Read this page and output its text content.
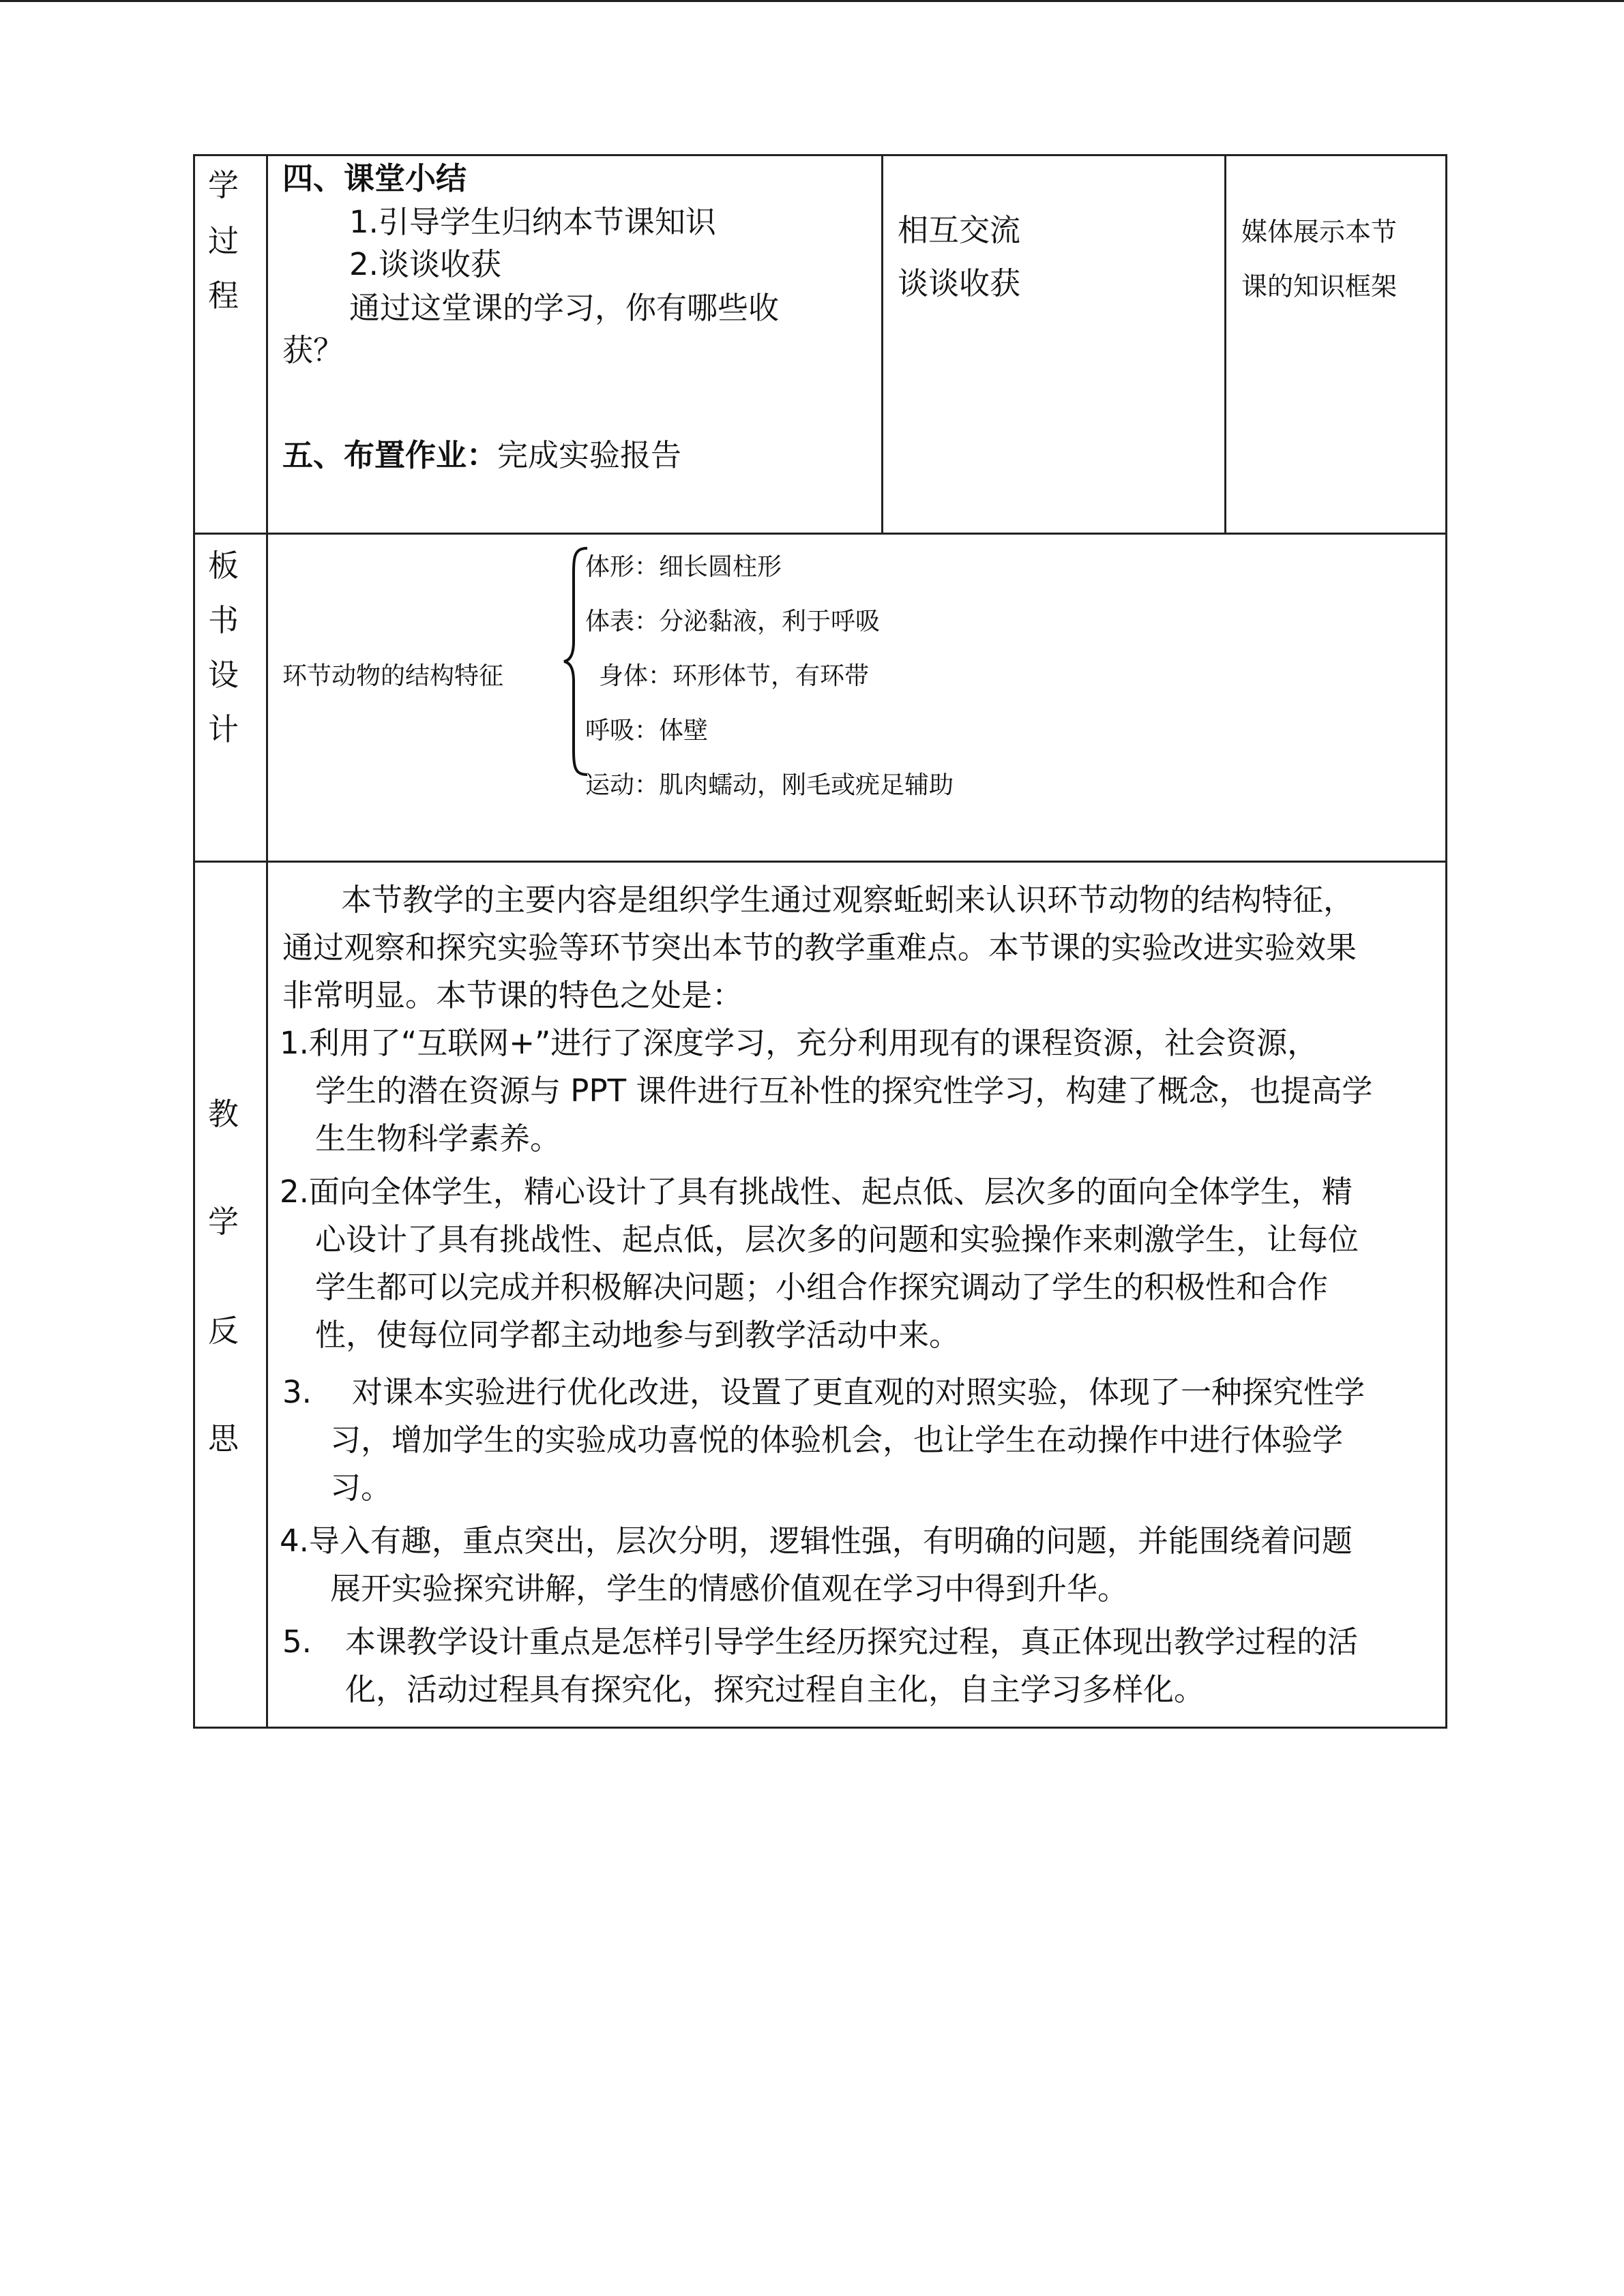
学
过
程
四、课堂小结
1.引导学生归纳本节课知识
2.谈谈收获
通过这堂课的学习，你有哪些收
获？
五、布置作业：完成实验报告
相互交流
谈谈收获
媒体展示本节
课的知识框架
板
书
设
计
环节动物的结构特征
体形：细长圆柱形
体表：分泌黏液，利于呼吸
身体：环形体节，有环带
呼吸：体壁
运动：肌肉蠕动，刚毛或疣足辅助
教
学
反
思
本节教学的主要内容是组织学生通过观察蚯蚓来认识环节动物的结构特征，
通过观察和探究实验等环节突出本节的教学重难点。本节课的实验改进实验效果
非常明显。本节课的特色之处是：
1.利用了“互联网+”进行了深度学习，充分利用现有的课程资源，社会资源，
学生的潜在资源与 PPT 课件进行互补性的探究性学习，构建了概念，也提高学
生生物科学素养。
2.面向全体学生，精心设计了具有挑战性、起点低、层次多的面向全体学生，精
心设计了具有挑战性、起点低，层次多的问题和实验操作来刺激学生，让每位
学生都可以完成并积极解决问题；小组合作探究调动了学生的积极性和合作
性，使每位同学都主动地参与到教学活动中来。
3. 对课本实验进行优化改进，设置了更直观的对照实验，体现了一种探究性学
习，增加学生的实验成功喜悦的体验机会，也让学生在动操作中进行体验学
习。
4.导入有趣，重点突出，层次分明，逻辑性强，有明确的问题，并能围绕着问题
展开实验探究讲解，学生的情感价值观在学习中得到升华。
5. 本课教学设计重点是怎样引导学生经历探究过程，真正体现出教学过程的活
化，活动过程具有探究化，探究过程自主化，自主学习多样化。
